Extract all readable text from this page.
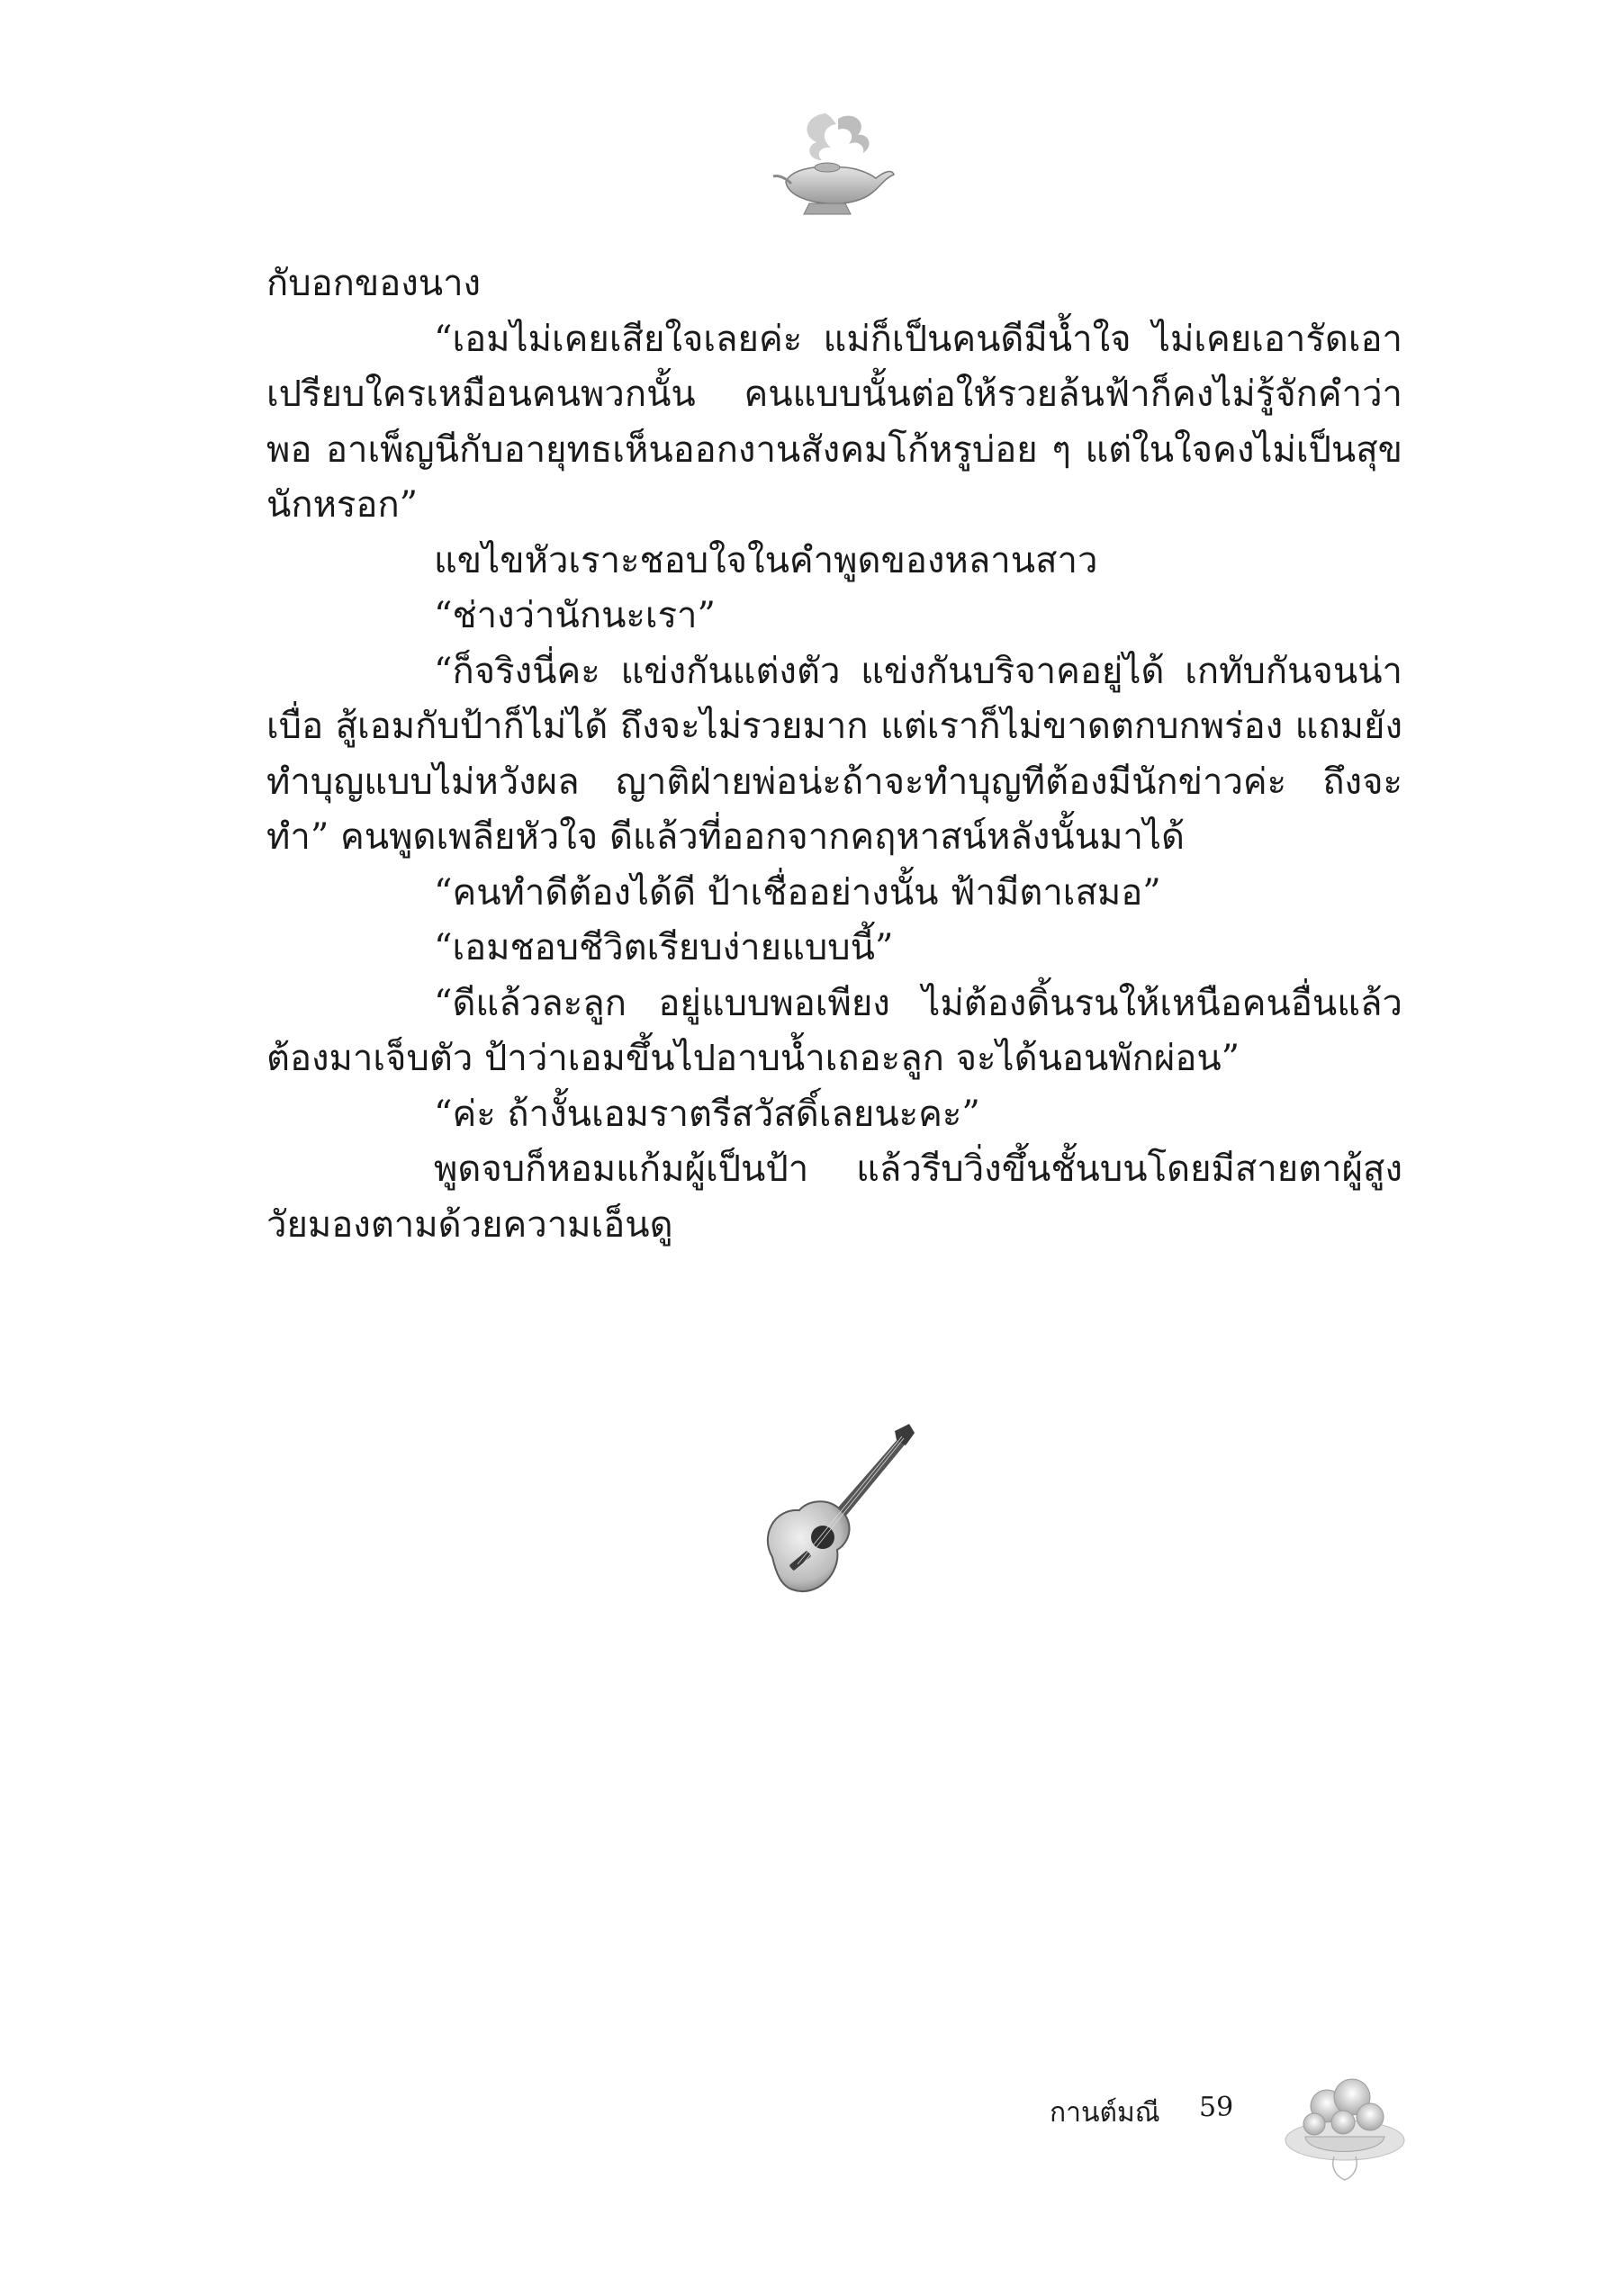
กับอกของนาง

“เอมไม่เคยเสียใจเลยค่ะ แม่ก็เป็นคนดีมีน้ำใจ ไม่เคยเอารัดเอาเปรียบใครเหมือนคนพวกนั้น คนแบบนั้นต่อให้รวยล้นฟ้าก็คงไม่รู้จักคำว่าพอ อาเพ็ญนีกับอายุทธเห็นออกงานสังคมโก้หรูบ่อย ๆ แต่ในใจคงไม่เป็นสุขนักหรอก”

แขไขหัวเราะชอบใจในคำพูดของหลานสาว

“ช่างว่านักนะเรา”

“ก็จริงนี่คะ แข่งกันแต่งตัว แข่งกันบริจาคอยู่ได้ เกทับกันจนน่าเบื่อ สู้เอมกับป้าก็ไม่ได้ ถึงจะไม่รวยมาก แต่เราก็ไม่ขาดตกบกพร่อง แถมยังทำบุญแบบไม่หวังผล ญาติฝ่ายพ่อน่ะถ้าจะทำบุญทีต้องมีนักข่าวค่ะ ถึงจะทำ” คนพูดเพลียหัวใจ ดีแล้วที่ออกจากคฤหาสน์หลังนั้นมาได้

“คนทำดีต้องได้ดี ป้าเชื่ออย่างนั้น ฟ้ามีตาเสมอ”

“เอมชอบชีวิตเรียบง่ายแบบนี้”

“ดีแล้วละลูก อยู่แบบพอเพียง ไม่ต้องดิ้นรนให้เหนือคนอื่นแล้วต้องมาเจ็บตัว ป้าว่าเอมขึ้นไปอาบน้ำเถอะลูก จะได้นอนพักผ่อน”

“ค่ะ ถ้างั้นเอมราตรีสวัสดิ์เลยนะคะ”

พูดจบก็หอมแก้มผู้เป็นป้า แล้วรีบวิ่งขึ้นชั้นบนโดยมีสายตาผู้สูงวัยมองตามด้วยความเอ็นดู

กานต์มณี 59
